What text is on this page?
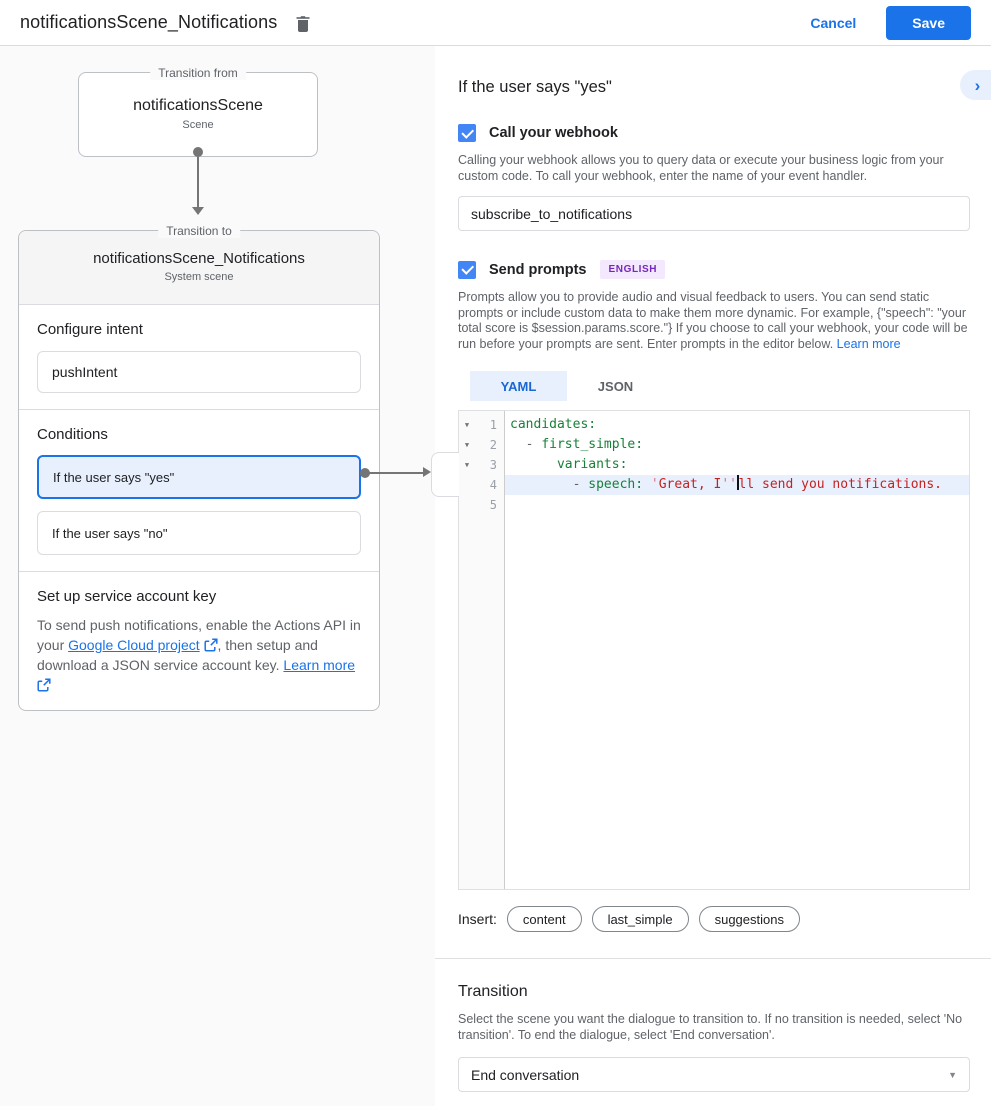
notificationsScene_Notifications	Cancel	Save
Transition from
notificationsScene
Scene
Transition to
notificationsScene_Notifications
System scene
Configure intent
pushIntent
Conditions
If the user says "yes"
If the user says "no"
Set up service account key
To send push notifications, enable the Actions API in your Google Cloud project , then setup and download a JSON service account key. Learn more
›
If the user says "yes"
Call your webhook
Calling your webhook allows you to query data or execute your business logic from your custom code. To call your webhook, enter the name of your event handler.
subscribe_to_notifications
Send prompts	ENGLISH
Prompts allow you to provide audio and visual feedback to users. You can send static prompts or include custom data to make them more dynamic. For example, {"speech": "your total score is $session.params.score."} If you choose to call your webhook, your code will be run before your prompts are sent. Enter prompts in the editor below. Learn more
YAML	JSON
▼	1
▼	2
▼	3
4
5
candidates:
- first_simple:
variants:
- speech: 'Great, I'' ll send you notifications.
Insert:	content	last_simple	suggestions
Transition
Select the scene you want the dialogue to transition to. If no transition is needed, select 'No transition'. To end the dialogue, select 'End conversation'.
End conversation	▼
